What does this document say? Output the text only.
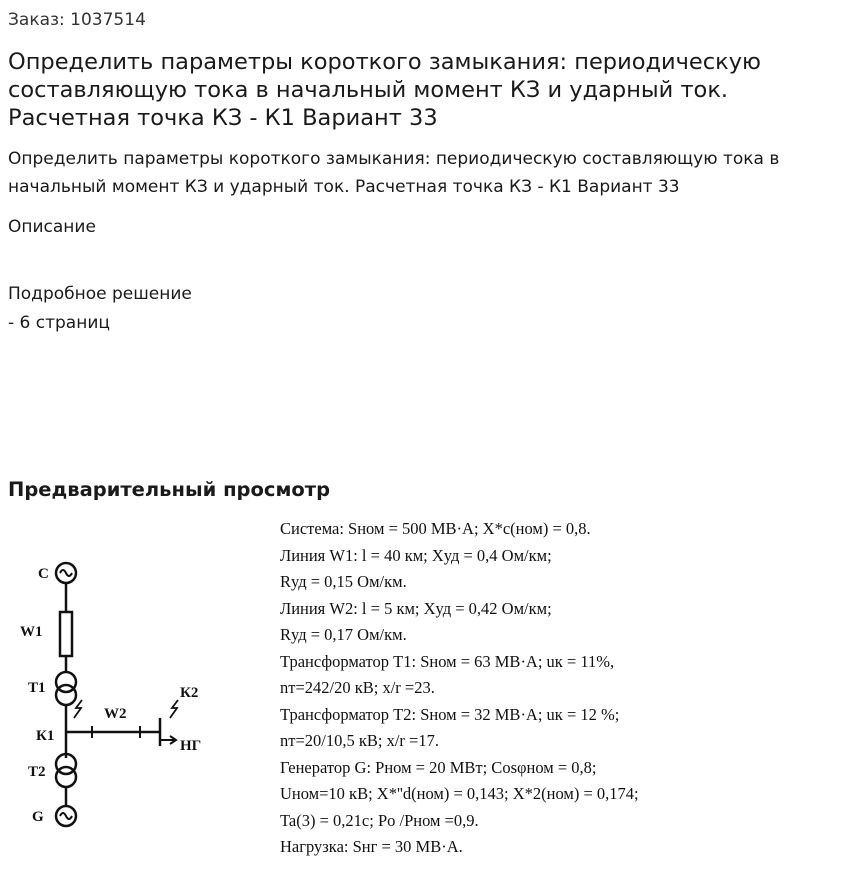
Заказ: 1037514
Определить параметры короткого замыкания: периодическую составляющую тока в начальный момент КЗ и ударный ток. Расчетная точка КЗ - К1 Вариант 33

Определить параметры короткого замыкания: периодическую составляющую тока в начальный момент КЗ и ударный ток. Расчетная точка КЗ - К1 Вариант 33

Описание
Подробное решение
- 6 страниц
Предварительный просмотр
С
W1
T1
К1
W2
К2
НГ
T2
G
Система: Sном = 500 МВ·А; X*с(ном) = 0,8.
Линия W1: l = 40 км; Xуд = 0,4 Ом/км;
Rуд = 0,15 Ом/км.
Линия W2: l = 5 км; Xуд = 0,42 Ом/км;
Rуд = 0,17 Ом/км.
Трансформатор T1: Sном = 63 МВ·А; uк = 11%,
nт=242/20 кВ; x/r =23.
Трансформатор T2: Sном = 32 МВ·А; uк = 12 %;
nт=20/10,5 кВ; x/r =17.
Генератор G: Pном = 20 МВт; Cosφном = 0,8;
Uном=10 кВ; X*''d(ном) = 0,143; X*2(ном) = 0,174;
Ta(3) = 0,21с; Pо /Pном =0,9.
Нагрузка: Sнг = 30 МВ·А.
